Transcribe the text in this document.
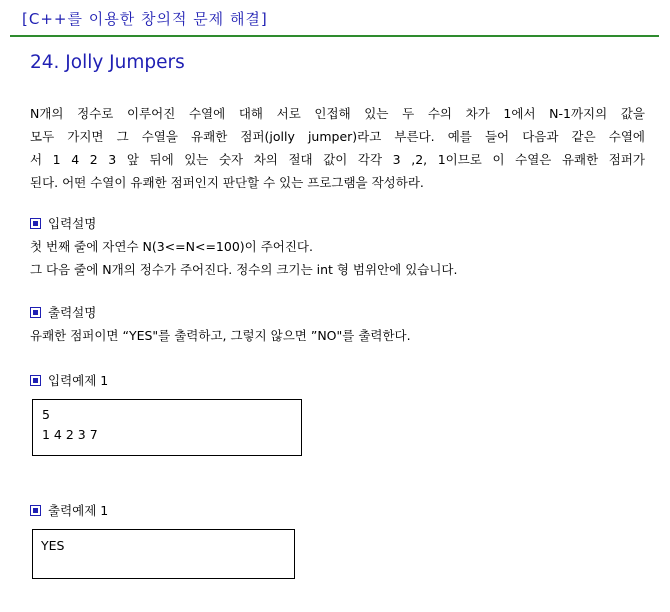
[C++를 이용한 창의적 문제 해결]
24. Jolly Jumpers
N개의 정수로 이루어진 수열에 대해 서로 인접해 있는 두 수의 차가 1에서 N-1까지의 값을
모두 가지면 그 수열을 유쾌한 점퍼(jolly jumper)라고 부른다. 예를 들어 다음과 같은 수열에
서 1 4 2 3 앞 뒤에 있는 숫자 차의 절대 값이 각각 3 ,2, 1이므로 이 수열은 유쾌한 점퍼가
된다. 어떤 수열이 유쾌한 점퍼인지 판단할 수 있는 프로그램을 작성하라.
입력설명
첫 번째 줄에 자연수 N(3<=N<=100)이 주어진다.
그 다음 줄에 N개의 정수가 주어진다. 정수의 크기는 int 형 범위안에 있습니다.
출력설명
유쾌한 점퍼이면 “YES"를 출력하고, 그렇지 않으면 ”NO"를 출력한다.
입력예제 1
5
1 4 2 3 7
출력예제 1
YES
